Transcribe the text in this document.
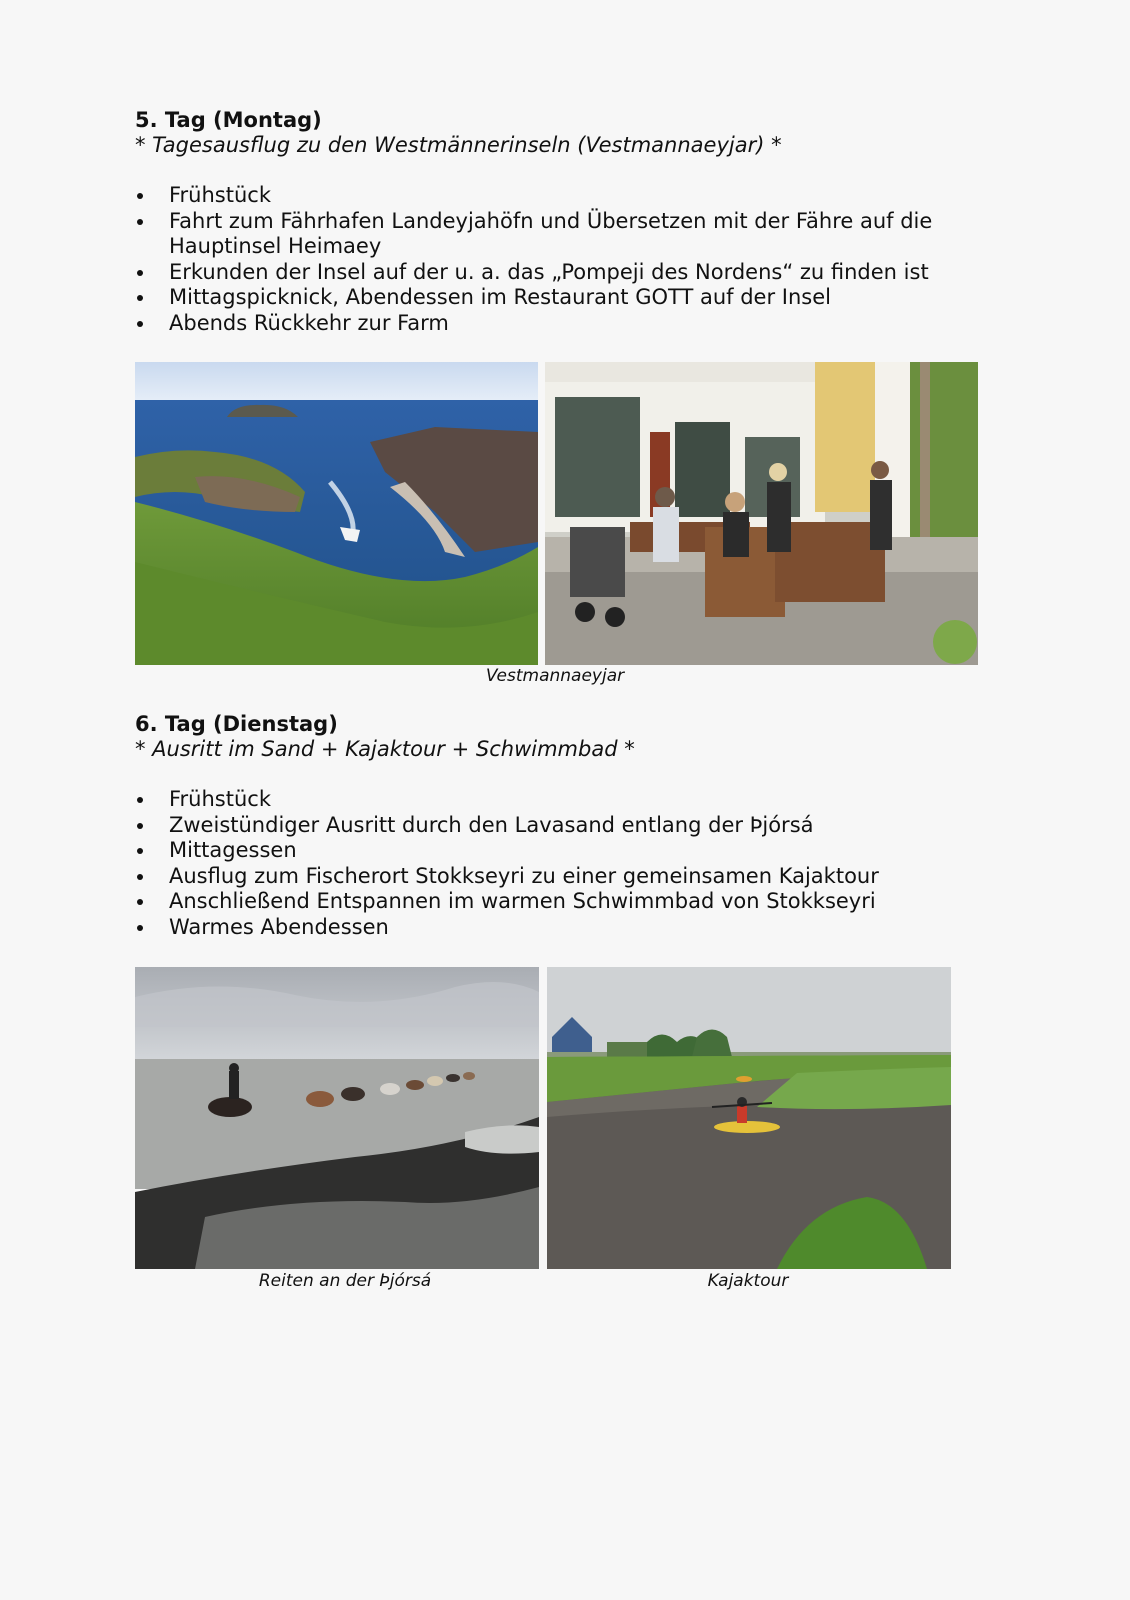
5. Tag (Montag)

* Tagesausflug zu den Westmännerinseln (Vestmannaeyjar) *

Frühstück
Fahrt zum Fährhafen Landeyjahöfn und Übersetzen mit der Fähre auf die Hauptinsel Heimaey
Erkunden der Insel auf der u. a. das „Pompeji des Nordens“ zu finden ist
Mittagspicknick, Abendessen im Restaurant GOTT auf der Insel
Abends Rückkehr zur Farm
Vestmannaeyjar

6. Tag (Dienstag)

* Ausritt im Sand + Kajaktour + Schwimmbad *

Frühstück
Zweistündiger Ausritt durch den Lavasand entlang der Þjórsá
Mittagessen
Ausflug zum Fischerort Stokkseyri zu einer gemeinsamen Kajaktour
Anschließend Entspannen im warmen Schwimmbad von Stokkseyri
Warmes Abendessen
Reiten an der Þjórsá	Kajaktour
